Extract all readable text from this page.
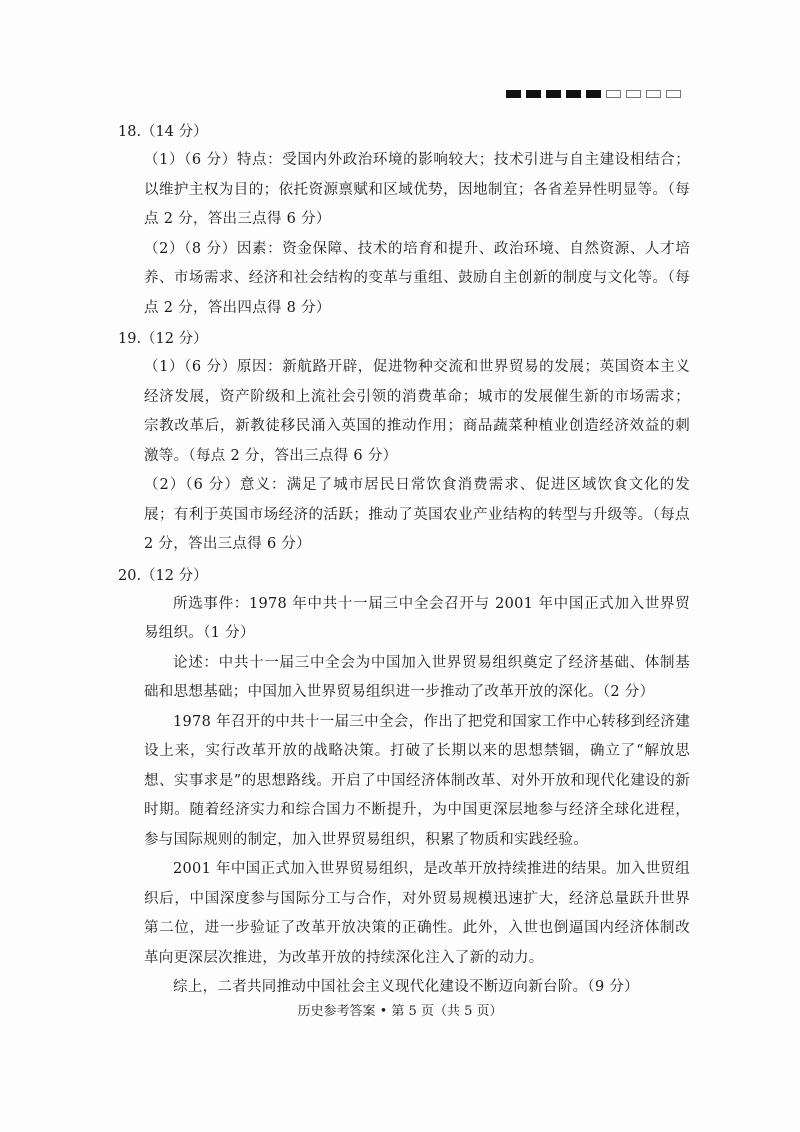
18.（14 分）

（1）（6 分）特点：受国内外政治环境的影响较大；技术引进与自主建设相结合；以维护主权为目的；依托资源禀赋和区域优势，因地制宜；各省差异性明显等。（每点 2 分，答出三点得 6 分）

（2）（8 分）因素：资金保障、技术的培育和提升、政治环境、自然资源、人才培养、市场需求、经济和社会结构的变革与重组、鼓励自主创新的制度与文化等。（每点 2 分，答出四点得 8 分）

19.（12 分）

（1）（6 分）原因：新航路开辟，促进物种交流和世界贸易的发展；英国资本主义经济发展，资产阶级和上流社会引领的消费革命；城市的发展催生新的市场需求；宗教改革后，新教徒移民涌入英国的推动作用；商品蔬菜种植业创造经济效益的刺激等。（每点 2 分，答出三点得 6 分）

（2）（6 分）意义：满足了城市居民日常饮食消费需求、促进区域饮食文化的发展；有利于英国市场经济的活跃；推动了英国农业产业结构的转型与升级等。（每点 2 分，答出三点得 6 分）

20.（12 分）

所选事件：1978 年中共十一届三中全会召开与 2001 年中国正式加入世界贸易组织。（1 分）

论述：中共十一届三中全会为中国加入世界贸易组织奠定了经济基础、体制基础和思想基础；中国加入世界贸易组织进一步推动了改革开放的深化。（2 分）

1978 年召开的中共十一届三中全会，作出了把党和国家工作中心转移到经济建设上来，实行改革开放的战略决策。打破了长期以来的思想禁锢，确立了“解放思想、实事求是”的思想路线。开启了中国经济体制改革、对外开放和现代化建设的新时期。随着经济实力和综合国力不断提升，为中国更深层地参与经济全球化进程，参与国际规则的制定，加入世界贸易组织，积累了物质和实践经验。

2001 年中国正式加入世界贸易组织，是改革开放持续推进的结果。加入世贸组织后，中国深度参与国际分工与合作，对外贸易规模迅速扩大，经济总量跃升世界第二位，进一步验证了改革开放决策的正确性。此外，入世也倒逼国内经济体制改革向更深层次推进，为改革开放的持续深化注入了新的动力。

综上，二者共同推动中国社会主义现代化建设不断迈向新台阶。（9 分）

历史参考答案 • 第 5 页（共 5 页）
